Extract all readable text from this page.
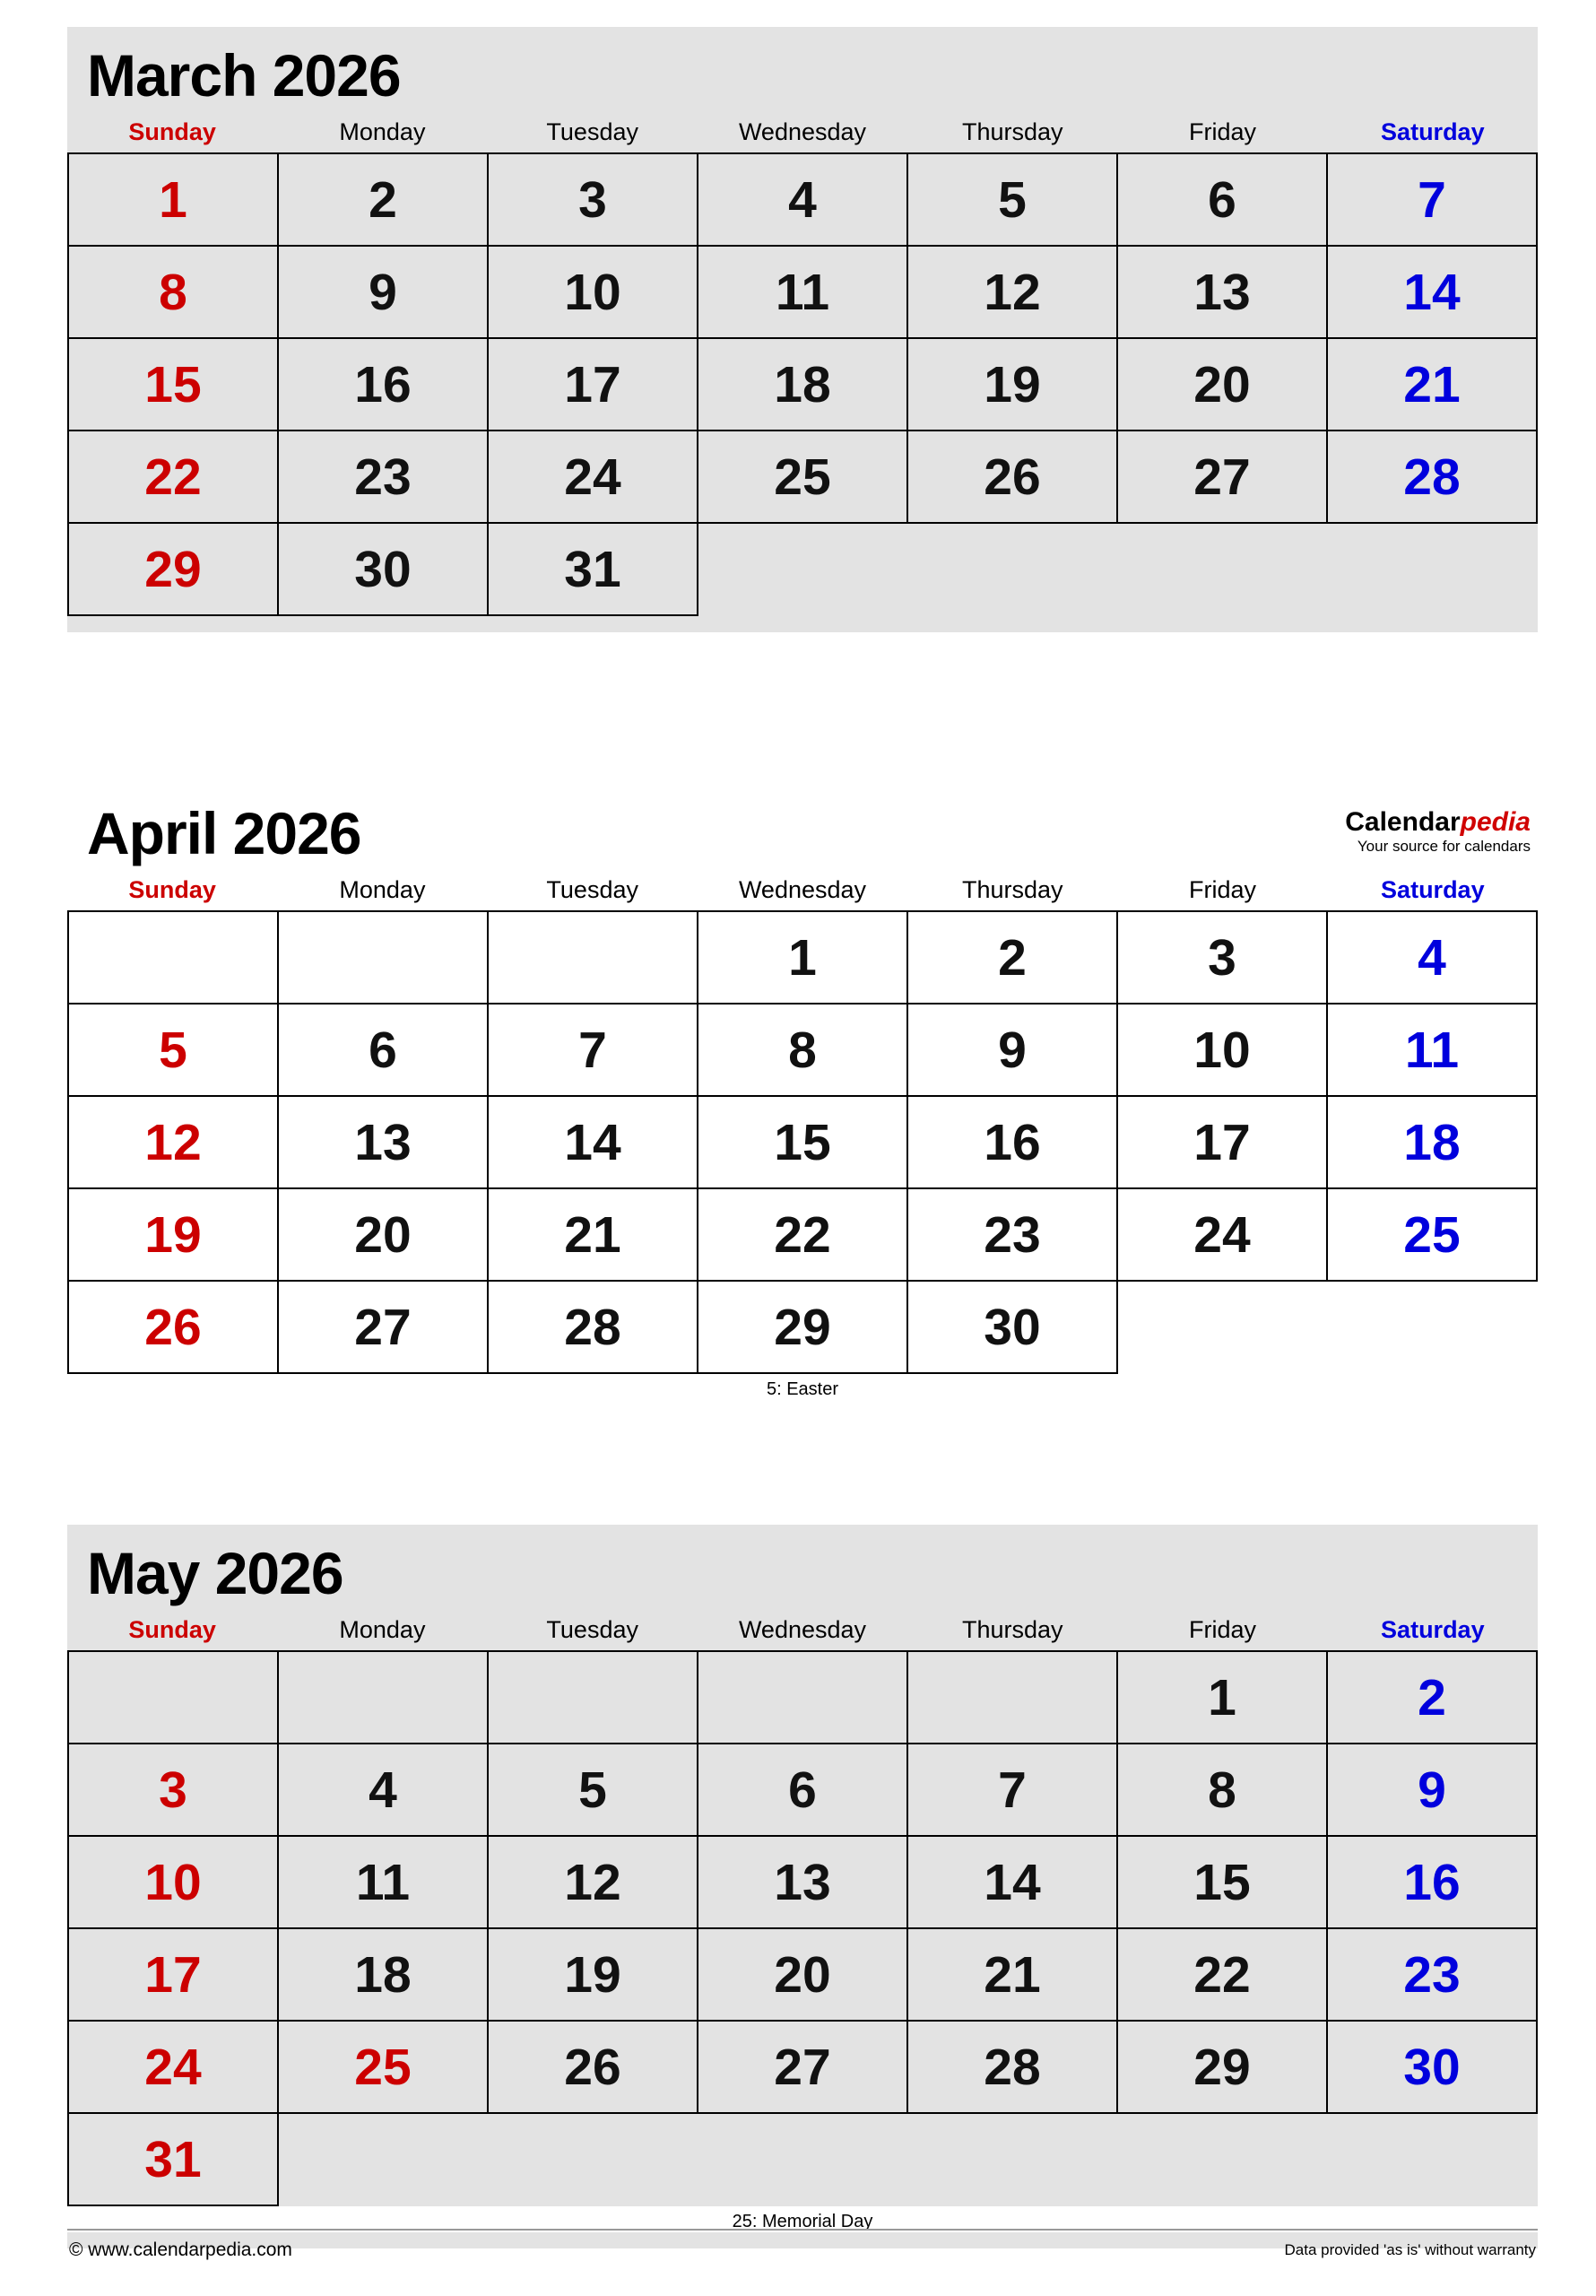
March 2026
Sunday	Monday	Tuesday	Wednesday	Thursday	Friday	Saturday
1	2	3	4	5	6	7
8	9	10	11	12	13	14
15	16	17	18	19	20	21
22	23	24	25	26	27	28
29	30	31				
April 2026	Calendarpedia
Your source for calendars
Sunday	Monday	Tuesday	Wednesday	Thursday	Friday	Saturday
			1	2	3	4
5	6	7	8	9	10	11
12	13	14	15	16	17	18
19	20	21	22	23	24	25
26	27	28	29	30		
5: Easter
May 2026
Sunday	Monday	Tuesday	Wednesday	Thursday	Friday	Saturday
					1	2
3	4	5	6	7	8	9
10	11	12	13	14	15	16
17	18	19	20	21	22	23
24	25	26	27	28	29	30
31						
25: Memorial Day
© www.calendarpedia.com	Data provided 'as is' without warranty
